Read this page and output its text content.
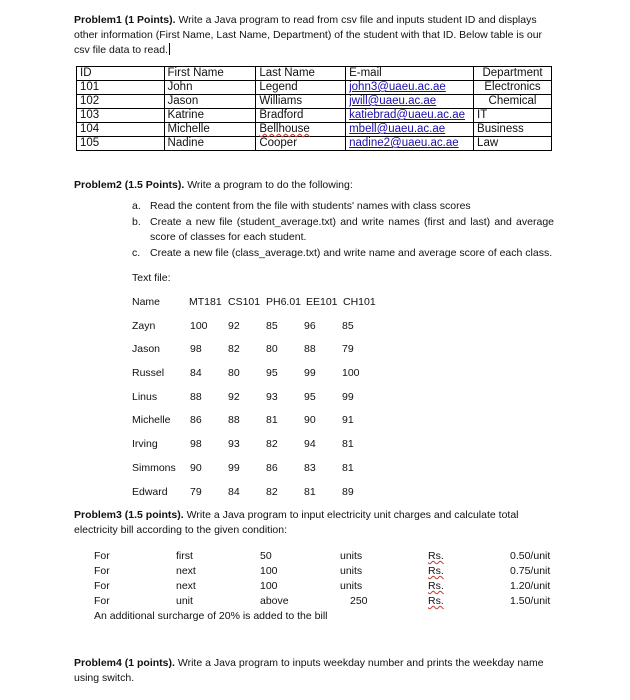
Problem1 (1 Points). Write a Java program to read from csv file and inputs student ID and displays
other information (First Name, Last Name, Department) of the student with that ID. Below table is our
csv file data to read.
ID	First Name	Last Name	E-mail	Department
101	John	Legend	john3@uaeu.ac.ae	Electronics
102	Jason	Williams	jwill@uaeu.ac.ae	Chemical
103	Katrine	Bradford	katiebrad@uaeu.ac.ae	IT
104	Michelle	Bellhouse	mbell@uaeu.ac.ae	Business
105	Nadine	Cooper	nadine2@uaeu.ac.ae	Law
Problem2 (1.5 Points). Write a program to do the following:
a. Read the content from the file with students' names with class scores
b. Create a new file (student_average.txt) and write names (first and last) and average score of classes for each student.
c. Create a new file (class_average.txt) and write name and average score of each class.
Text file:
Name	MT181 CS101 PH6.01 EE101 CH101
Zayn	100 92	85	96	85
Jason	98	82	80	88	79
Russel 84	80	95	99	100
Linus	88	92	93	95	99
Michelle 86	88	81	90	91
Irving	98	93	82	94	81
Simmons 90	99	86	83	81
Edward 79	84	82	81	89
Problem3 (1.5 points). Write a Java program to input electricity unit charges and calculate total
electricity bill according to the given condition:
For	first	50	units	Rs.	0.50/unit
For	next	100	units	Rs.	0.75/unit
For	next	100	units	Rs.	1.20/unit
For	unit	above	250	Rs.	1.50/unit
An additional surcharge of 20% is added to the bill
Problem4 (1 points). Write a Java program to inputs weekday number and prints the weekday name
using switch.
